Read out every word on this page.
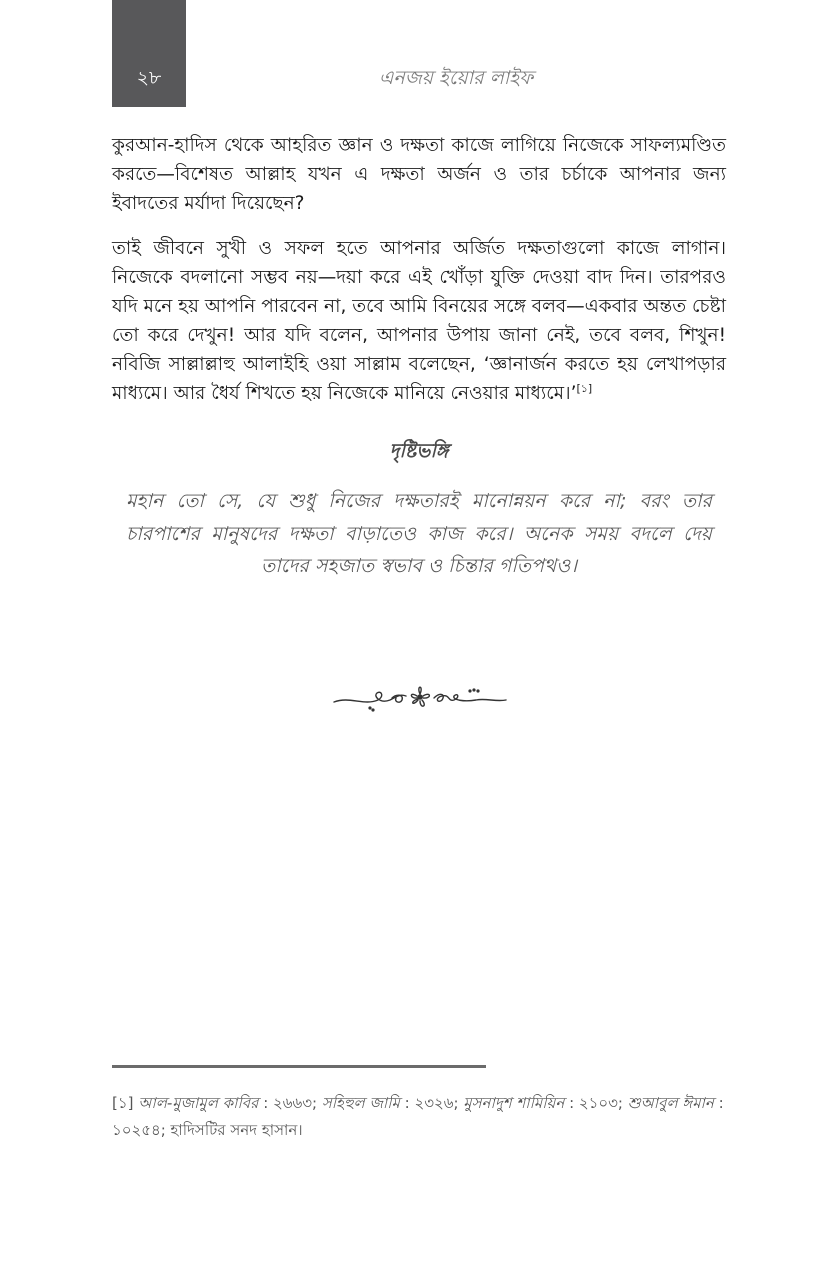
২৮	এনজয় ইয়োর লাইফ

কুরআন-হাদিস থেকে আহরিত জ্ঞান ও দক্ষতা কাজে লাগিয়ে নিজেকে সাফল্যমণ্ডিত করতে—বিশেষত আল্লাহ যখন এ দক্ষতা অর্জন ও তার চর্চাকে আপনার জন্য ইবাদতের মর্যাদা দিয়েছেন?

তাই জীবনে সুখী ও সফল হতে আপনার অর্জিত দক্ষতাগুলো কাজে লাগান। নিজেকে বদলানো সম্ভব নয়—দয়া করে এই খোঁড়া যুক্তি দেওয়া বাদ দিন। তারপরও যদি মনে হয় আপনি পারবেন না, তবে আমি বিনয়ের সঙ্গে বলব—একবার অন্তত চেষ্টা তো করে দেখুন! আর যদি বলেন, আপনার উপায় জানা নেই, তবে বলব, শিখুন! নবিজি সাল্লাল্লাহু আলাইহি ওয়া সাল্লাম বলেছেন, ‘জ্ঞানার্জন করতে হয় লেখাপড়ার মাধ্যমে। আর ধৈর্য শিখতে হয় নিজেকে মানিয়ে নেওয়ার মাধ্যমে।’[১]

দৃষ্টিভঙ্গি

মহান তো সে, যে শুধু নিজের দক্ষতারই মানোন্নয়ন করে না; বরং তার চারপাশের মানুষদের দক্ষতা বাড়াতেও কাজ করে। অনেক সময় বদলে দেয় তাদের সহজাত স্বভাব ও চিন্তার গতিপথও।

[১] আল-মুজামুল কাবির : ২৬৬৩; সহিহুল জামি : ২৩২৬; মুসনাদুশ শামিয়িন : ২১০৩; শুআবুল ঈমান : ১০২৫৪; হাদিসটির সনদ হাসান।
